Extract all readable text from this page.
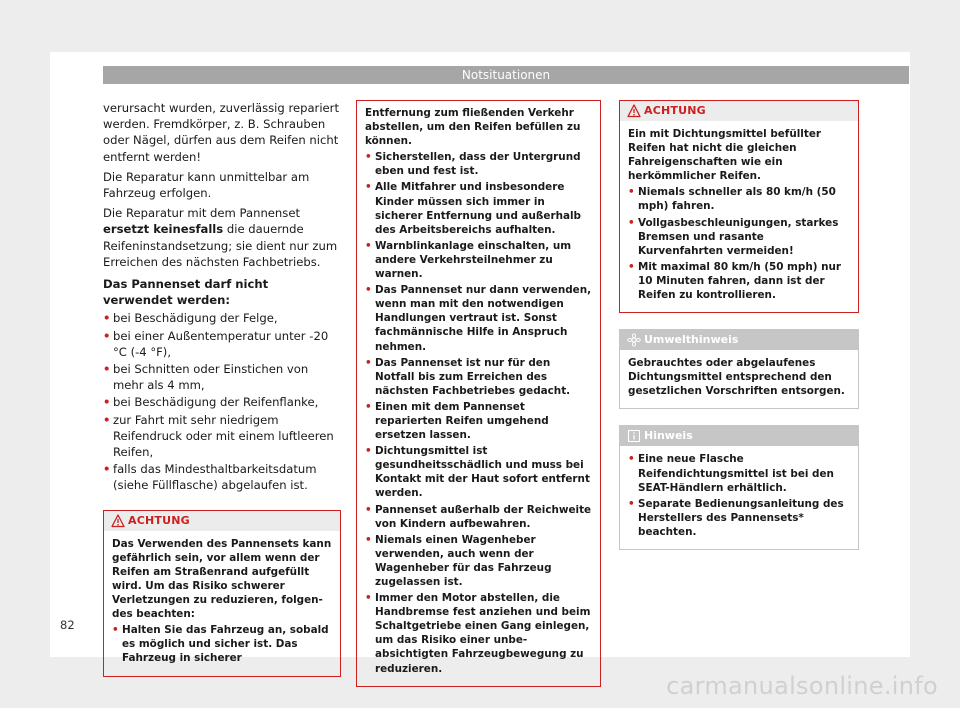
Notsituationen

verursacht wurden, zuverlässig repariert werden. Fremdkörper, z. B. Schrauben oder Nägel, dürfen aus dem Reifen nicht entfernt werden!

Die Reparatur kann unmittelbar am Fahrzeug erfolgen.

Die Reparatur mit dem Pannenset ersetzt keinesfalls die dauernde Reifeninstandsetzung; sie dient nur zum Erreichen des nächsten Fachbetriebs.

Das Pannenset darf nicht verwendet werden:

• bei Beschädigung der Felge,
• bei einer Außentemperatur unter -20 °C (-4 °F),
• bei Schnitten oder Einstichen von mehr als 4 mm,
• bei Beschädigung der Reifenflanke,
• zur Fahrt mit sehr niedrigem Reifendruck oder mit einem luftleeren Reifen,
• falls das Mindesthaltbarkeitsdatum (siehe Füllflasche) abgelaufen ist.
ACHTUNG

Das Verwenden des Pannensets kann gefährlich sein, vor allem wenn der Reifen am Straßenrand aufgefüllt wird. Um das Risiko schwerer Verletzungen zu reduzieren, folgendes beachten:

• Halten Sie das Fahrzeug an, sobald es möglich und sicher ist. Das Fahrzeug in sicherer

Entfernung zum fließenden Verkehr abstellen, um den Reifen befüllen zu können.

• Sicherstellen, dass der Untergrund eben und fest ist.
• Alle Mitfahrer und insbesondere Kinder müssen sich immer in sicherer Entfernung und außerhalb des Arbeitsbereichs aufhalten.
• Warnblinkanlage einschalten, um andere Verkehrsteilnehmer zu warnen.
• Das Pannenset nur dann verwenden, wenn man mit den notwendigen Handlungen vertraut ist. Sonst fachmännische Hilfe in Anspruch nehmen.
• Das Pannenset ist nur für den Notfall bis zum Erreichen des nächsten Fachbetriebes gedacht.
• Einen mit dem Pannenset reparierten Reifen umgehend ersetzen lassen.
• Dichtungsmittel ist gesundheitsschädlich und muss bei Kontakt mit der Haut sofort entfernt werden.
• Pannenset außerhalb der Reichweite von Kindern aufbewahren.
• Niemals einen Wagenheber verwenden, auch wenn der Wagenheber für das Fahrzeug zugelassen ist.
• Immer den Motor abstellen, die Handbremse fest anziehen und beim Schaltgetriebe einen Gang einlegen, um das Risiko einer unbeabsichtigten Fahrzeugbewegung zu reduzieren.
ACHTUNG

Ein mit Dichtungsmittel befüllter Reifen hat nicht die gleichen Fahreigenschaften wie ein herkömmlicher Reifen.

• Niemals schneller als 80 km/h (50 mph) fahren.
• Vollgasbeschleunigungen, starkes Bremsen und rasante Kurvenfahrten vermeiden!
• Mit maximal 80 km/h (50 mph) nur 10 Minuten fahren, dann ist der Reifen zu kontrollieren.
Umwelthinweis

Gebrauchtes oder abgelaufenes Dichtungsmittel entsprechend den gesetzlichen Vorschriften entsorgen.

Hinweis
• Eine neue Flasche Reifendichtungsmittel ist bei den SEAT-Händlern erhältlich.
• Separate Bedienungsanleitung des Herstellers des Pannensets* beachten.
82
carmanualsonline.info
